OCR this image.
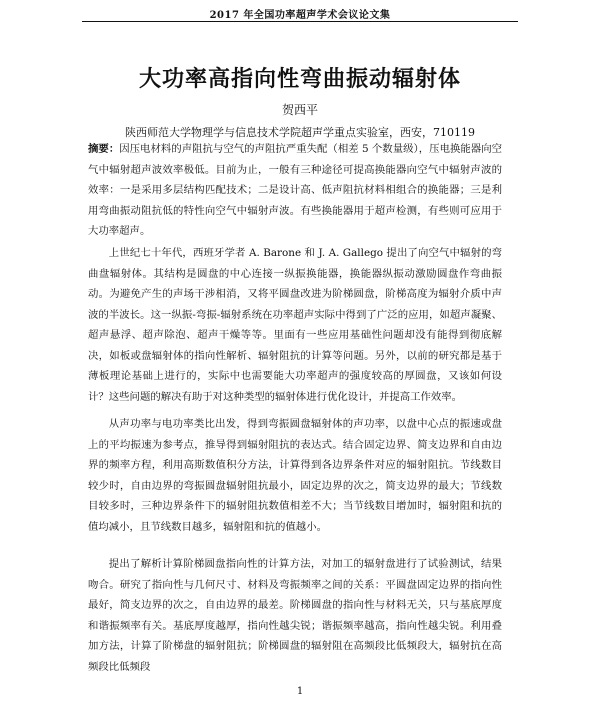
2017 年全国功率超声学术会议论文集
大功率高指向性弯曲振动辐射体
贺西平
陕西师范大学物理学与信息技术学院超声学重点实验室，西安，710119

摘要：因压电材料的声阻抗与空气的声阻抗严重失配（相差 5 个数量级），压电换能器向空气中辐射超声波效率极低。目前为止，一般有三种途径可提高换能器向空气中辐射声波的效率：一是采用多层结构匹配技术；二是设计高、低声阻抗材料相组合的换能器；三是利用弯曲振动阻抗低的特性向空气中辐射声波。有些换能器用于超声检测，有些则可应用于大功率超声。

上世纪七十年代，西班牙学者 A. Barone 和 J. A. Gallego 提出了向空气中辐射的弯曲盘辐射体。其结构是圆盘的中心连接一纵振换能器，换能器纵振动激励圆盘作弯曲振动。为避免产生的声场干涉相消，又将平圆盘改进为阶梯圆盘，阶梯高度为辐射介质中声波的半波长。这一纵振-弯振-辐射系统在功率超声实际中得到了广泛的应用，如超声凝聚、超声悬浮、超声除泡、超声干燥等等。里面有一些应用基础性问题却没有能得到彻底解决，如板或盘辐射体的指向性解析、辐射阻抗的计算等问题。另外，以前的研究都是基于薄板理论基础上进行的，实际中也需要能大功率超声的强度较高的厚圆盘，又该如何设计？这些问题的解决有助于对这种类型的辐射体进行优化设计，并提高工作效率。

从声功率与电功率类比出发，得到弯振圆盘辐射体的声功率，以盘中心点的振速或盘上的平均振速为参考点，推导得到辐射阻抗的表达式。结合固定边界、简支边界和自由边界的频率方程，利用高斯数值积分方法，计算得到各边界条件对应的辐射阻抗。节线数目较少时，自由边界的弯振圆盘辐射阻抗最小，固定边界的次之，简支边界的最大；节线数目较多时，三种边界条件下的辐射阻抗数值相差不大；当节线数目增加时，辐射阻和抗的值均减小，且节线数目越多，辐射阻和抗的值越小。

提出了解析计算阶梯圆盘指向性的计算方法，对加工的辐射盘进行了试验测试，结果吻合。研究了指向性与几何尺寸、材料及弯振频率之间的关系：平圆盘固定边界的指向性最好，简支边界的次之，自由边界的最差。阶梯圆盘的指向性与材料无关，只与基底厚度和谐振频率有关。基底厚度越厚，指向性越尖锐；谐振频率越高，指向性越尖锐。利用叠加方法，计算了阶梯盘的辐射阻抗；阶梯圆盘的辐射阻在高频段比低频段大，辐射抗在高频段比低频段

1
